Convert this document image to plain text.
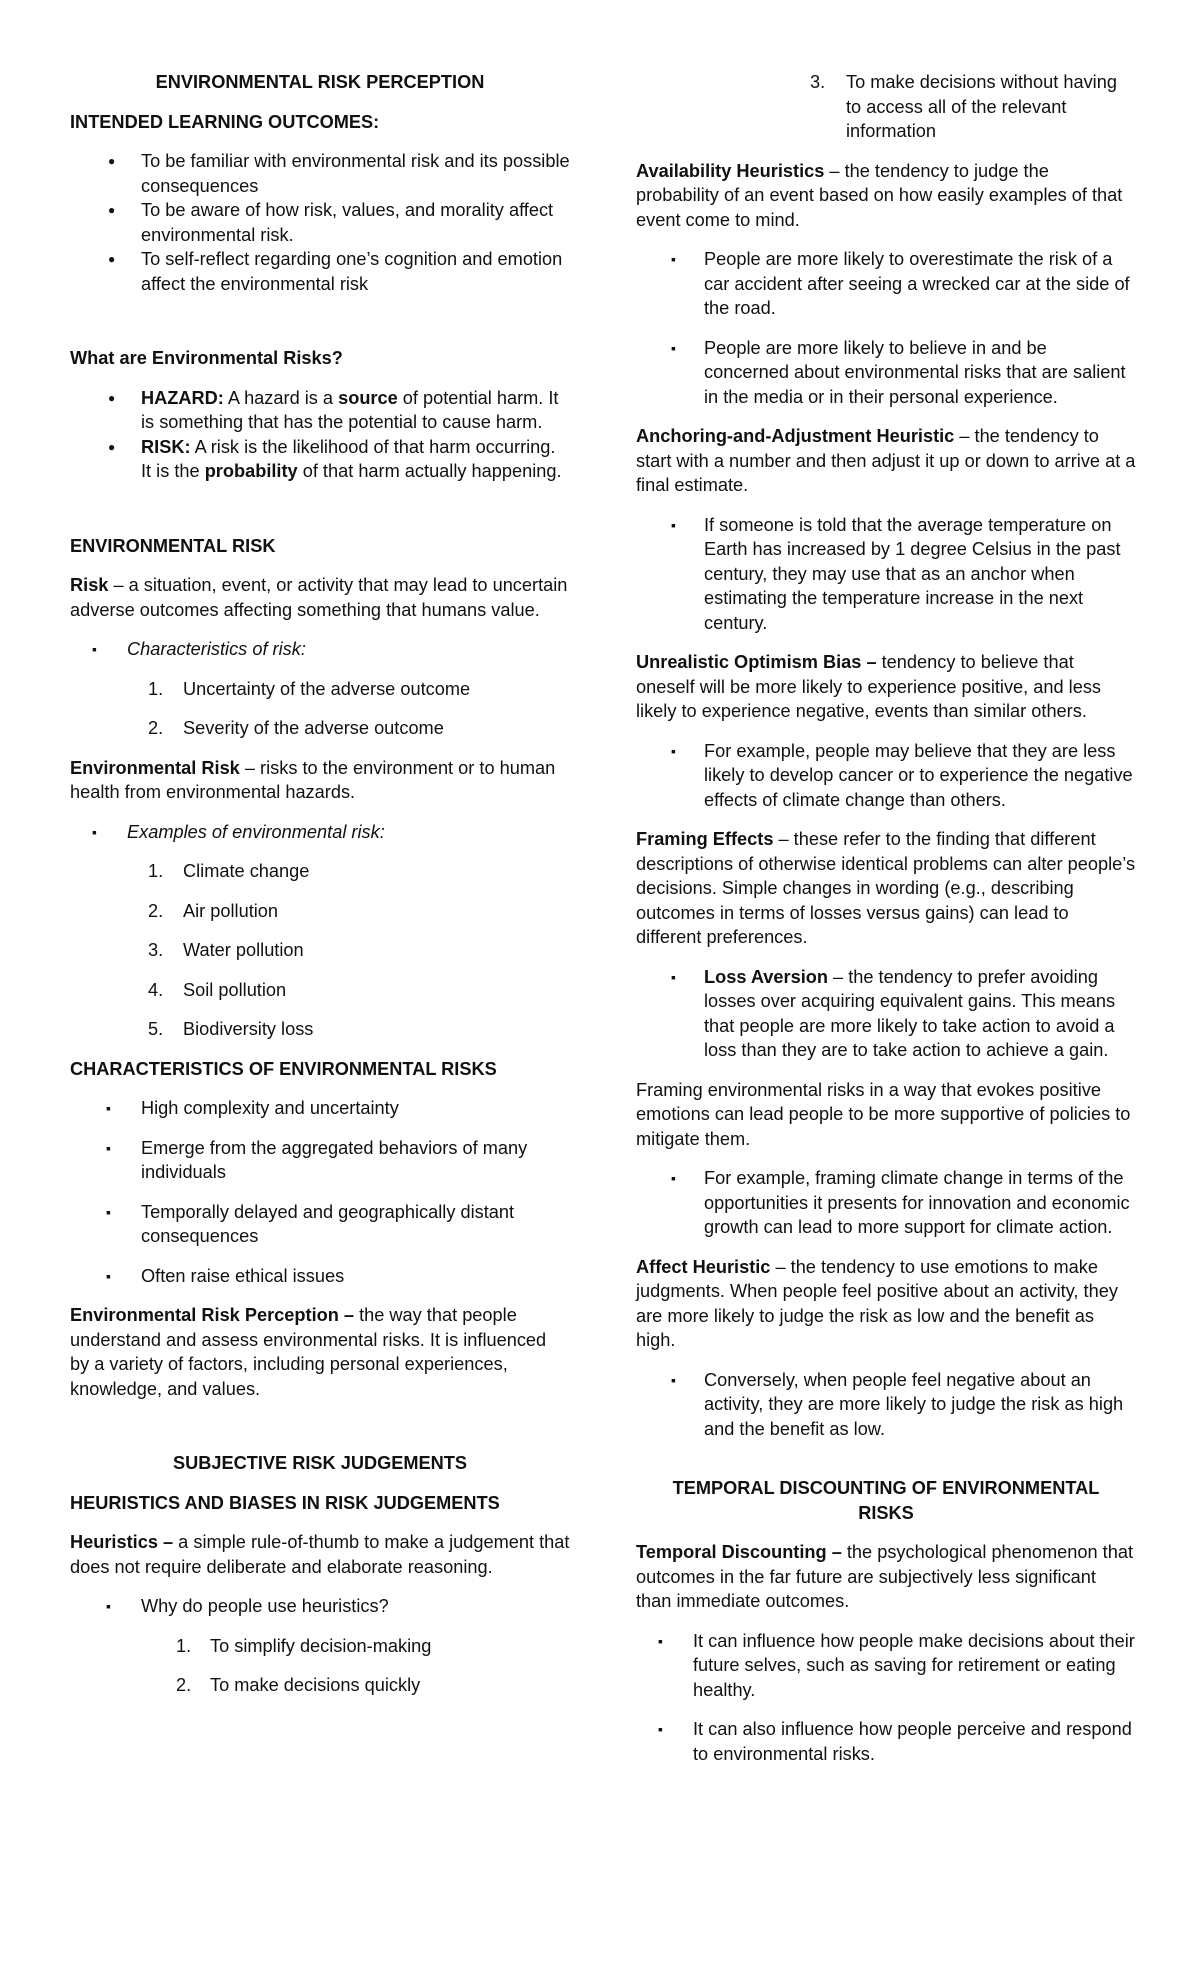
ENVIRONMENTAL RISK PERCEPTION

INTENDED LEARNING OUTCOMES:

● To be familiar with environmental risk and its possible consequences
● To be aware of how risk, values, and morality affect environmental risk.
● To self-reflect regarding one’s cognition and emotion affect the environmental risk

What are Environmental Risks?

● HAZARD: A hazard is a source of potential harm. It is something that has the potential to cause harm.
● RISK: A risk is the likelihood of that harm occurring. It is the probability of that harm actually happening.

ENVIRONMENTAL RISK

Risk – a situation, event, or activity that may lead to uncertain adverse outcomes affecting something that humans value.

▪ Characteristics of risk:
1. Uncertainty of the adverse outcome
2. Severity of the adverse outcome

Environmental Risk – risks to the environment or to human health from environmental hazards.

▪ Examples of environmental risk:
1. Climate change
2. Air pollution
3. Water pollution
4. Soil pollution
5. Biodiversity loss

CHARACTERISTICS OF ENVIRONMENTAL RISKS

▪ High complexity and uncertainty
▪ Emerge from the aggregated behaviors of many individuals
▪ Temporally delayed and geographically distant consequences
▪ Often raise ethical issues

Environmental Risk Perception – the way that people understand and assess environmental risks. It is influenced by a variety of factors, including personal experiences, knowledge, and values.

SUBJECTIVE RISK JUDGEMENTS

HEURISTICS AND BIASES IN RISK JUDGEMENTS

Heuristics – a simple rule-of-thumb to make a judgement that does not require deliberate and elaborate reasoning.

▪ Why do people use heuristics?
1. To simplify decision-making
2. To make decisions quickly
3. To make decisions without having to access all of the relevant information

Availability Heuristics – the tendency to judge the probability of an event based on how easily examples of that event come to mind.

▪ People are more likely to overestimate the risk of a car accident after seeing a wrecked car at the side of the road.
▪ People are more likely to believe in and be concerned about environmental risks that are salient in the media or in their personal experience.

Anchoring-and-Adjustment Heuristic – the tendency to start with a number and then adjust it up or down to arrive at a final estimate.

▪ If someone is told that the average temperature on Earth has increased by 1 degree Celsius in the past century, they may use that as an anchor when estimating the temperature increase in the next century.

Unrealistic Optimism Bias – tendency to believe that oneself will be more likely to experience positive, and less likely to experience negative, events than similar others.

▪ For example, people may believe that they are less likely to develop cancer or to experience the negative effects of climate change than others.

Framing Effects – these refer to the finding that different descriptions of otherwise identical problems can alter people’s decisions. Simple changes in wording (e.g., describing outcomes in terms of losses versus gains) can lead to different preferences.

▪ Loss Aversion – the tendency to prefer avoiding losses over acquiring equivalent gains. This means that people are more likely to take action to avoid a loss than they are to take action to achieve a gain.

Framing environmental risks in a way that evokes positive emotions can lead people to be more supportive of policies to mitigate them.

▪ For example, framing climate change in terms of the opportunities it presents for innovation and economic growth can lead to more support for climate action.

Affect Heuristic – the tendency to use emotions to make judgments. When people feel positive about an activity, they are more likely to judge the risk as low and the benefit as high.

▪ Conversely, when people feel negative about an activity, they are more likely to judge the risk as high and the benefit as low.

TEMPORAL DISCOUNTING OF ENVIRONMENTAL RISKS

Temporal Discounting – the psychological phenomenon that outcomes in the far future are subjectively less significant than immediate outcomes.

▪ It can influence how people make decisions about their future selves, such as saving for retirement or eating healthy.
▪ It can also influence how people perceive and respond to environmental risks.
